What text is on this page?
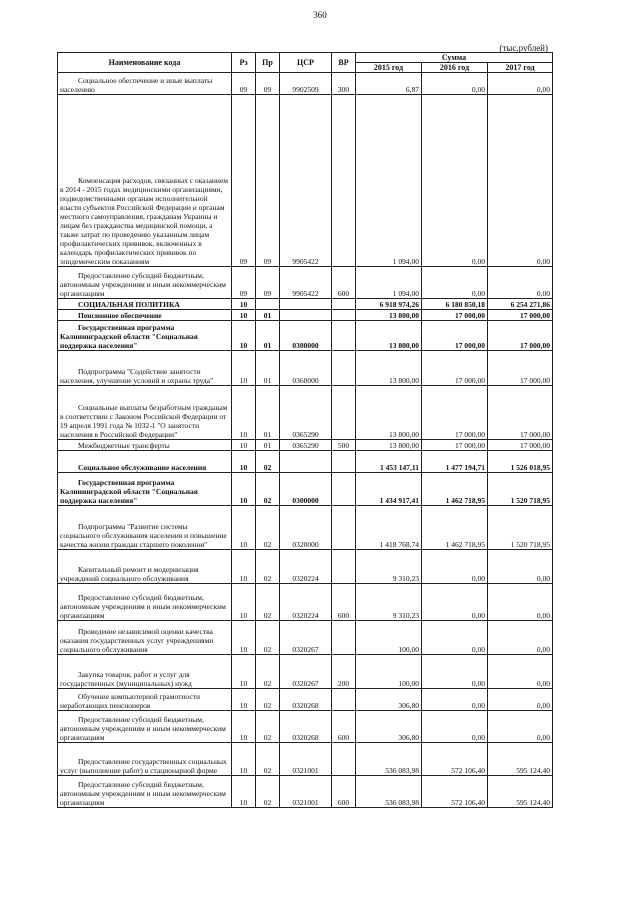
360
(тыс.рублей)
Наименование кода	Рз	Пр	ЦСР	ВР	Сумма		
					2015 год	2016 год	2017 год
Социальное обеспечение и иные выплаты населению	09	09	9902509	300	6,87	0,00	0,00
Компенсация расходов, связанных с оказанием в 2014 - 2015 годах медицинскими организациями, подведомственными органам исполнительной власти субъектов Российской Федерации и органам местного самоуправления, гражданам Украины и лицам без гражданства медицинской помощи, а также затрат по проведению указанным лицам профилактических прививок, включенных в календарь профилактических прививок по эпидемическим показаниям	09	09	9905422		1 094,00	0,00	0,00
Предоставление субсидий бюджетным, автономным учреждениям и иным некоммерческим организациям	09	09	9905422	600	1 094,00	0,00	0,00
СОЦИАЛЬНАЯ ПОЛИТИКА	10				6 918 974,26	6 180 850,18	6 254 271,86
Пенсионное обеспечение	10	01			13 800,00	17 000,00	17 000,00
Государственная программа Калининградской области "Социальная поддержка населения"	10	01	0300000		13 800,00	17 000,00	17 000,00
Подпрограмма "Содействие занятости населения, улучшение условий и охраны труда"	10	01	0360000		13 800,00	17 000,00	17 000,00
Социальные выплаты безработным гражданам в соответствии с Законом Российской Федерации от 19 апреля 1991 года № 1032-1 "О занятости населения в Российской Федерации"	10	01	0365290		13 800,00	17 000,00	17 000,00
Межбюджетные трансферты	10	01	0365290	500	13 800,00	17 000,00	17 000,00
Социальное обслуживание населения	10	02			1 453 147,11	1 477 194,71	1 526 018,95
Государственная программа Калининградской области "Социальная поддержка населения"	10	02	0300000		1 434 917,41	1 462 718,95	1 520 718,95
Подпрограмма "Развитие системы социального обслуживания населения и повышение качества жизни граждан старшего поколения"	10	02	0320000		1 418 768,74	1 462 718,95	1 520 718,95
Капитальный ремонт и модернизация учреждений социального обслуживания	10	02	0320224		9 310,23	0,00	0,00
Предоставление субсидий бюджетным, автономным учреждениям и иным некоммерческим организациям	10	02	0320224	600	9 310,23	0,00	0,00
Проведение независимой оценки качества оказания государственных услуг учреждениями социального обслуживания	10	02	0320267		100,00	0,00	0,00
Закупка товаров, работ и услуг для государственных (муниципальных) нужд	10	02	0320267	200	100,00	0,00	0,00
Обучение компьютерной грамотности неработающих пенсионеров	10	02	0320268		306,80	0,00	0,00
Предоставление субсидий бюджетным, автономным учреждениям и иным некоммерческим организациям	10	02	0320268	600	306,80	0,00	0,00
Предоставление государственных социальных услуг (выполнение работ) в стационарной форме	10	02	0321001		536 083,98	572 106,40	595 124,40
Предоставление субсидий бюджетным, автономным учреждениям и иным некоммерческим организациям	10	02	0321001	600	536 083,98	572 106,40	595 124,40
